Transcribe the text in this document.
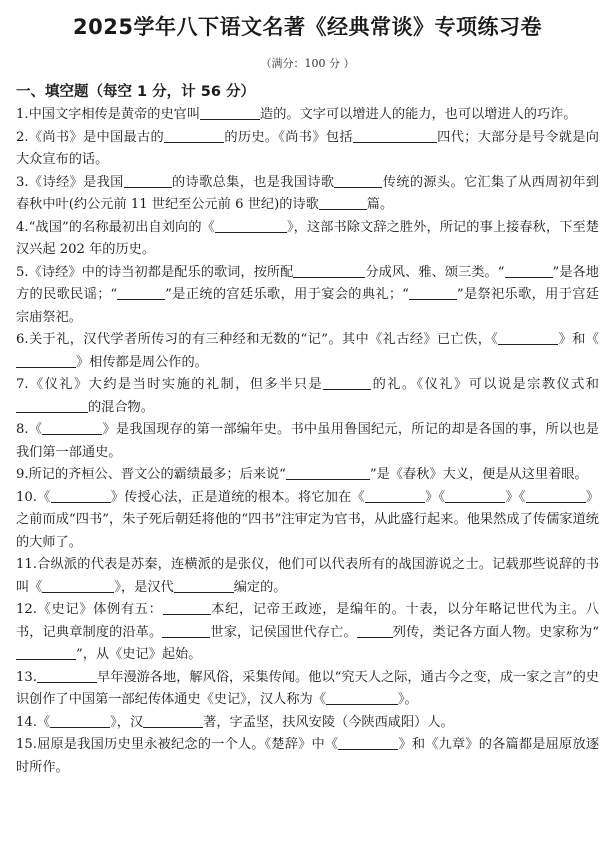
2025学年八下语文名著《经典常谈》专项练习卷
（满分：100 分 ）
一、填空题（每空 1 分，计 56 分）
1.中国文字相传是黄帝的史官叫	造的。文字可以增进人的能力，也可以增进人的巧诈。
2.《尚书》是中国最古的	的历史。《尚书》包括	四代；大部分是号令就是向大众宣布的话。
3.《诗经》是我国	的诗歌总集，也是我国诗歌	传统的源头。它汇集了从西周初年到春秋中叶(约公元前 11 世纪至公元前 6 世纪)的诗歌	篇。
4.“战国”的名称最初出自刘向的《	》，这部书除文辞之胜外，所记的事上接春秋，下至楚汉兴起 202 年的历史。
5.《诗经》中的诗当初都是配乐的歌词，按所配	分成风、雅、颂三类。“	”是各地方的民歌民谣；“	”是正统的宫廷乐歌，用于宴会的典礼；“	”是祭祀乐歌，用于宫廷宗庙祭祀。
6.关于礼，汉代学者所传习的有三种经和无数的“记”。其中《礼古经》已亡佚，《	》和《》相传都是周公作的。
7.《仪礼》大约是当时实施的礼制，但多半只是	的礼。《仪礼》可以说是宗教仪式和的混合物。
8.《	》是我国现存的第一部编年史。书中虽用鲁国纪元，所记的却是各国的事，所以也是我们第一部通史。
9.所记的齐桓公、晋文公的霸绩最多；后来说“	”是《春秋》大义，便是从这里着眼。
10.《	》传授心法，正是道统的根本。将它加在《	》《	》《	》之前而成“四书”，朱子死后朝廷将他的“四书”注审定为官书，从此盛行起来。他果然成了传儒家道统的大师了。
11.合纵派的代表是苏秦，连横派的是张仪，他们可以代表所有的战国游说之士。记载那些说辞的书叫《	》，是汉代	编定的。
12.《史记》体例有五：	本纪，记帝王政迹，是编年的。十表，以分年略记世代为主。八书，记典章制度的沿革。	世家，记侯国世代存亡。	列传，类记各方面人物。史家称为“”，从《史记》起始。
13.	早年漫游各地，解风俗，采集传闻。他以“究天人之际，通古今之变，成一家之言”的史识创作了中国第一部纪传体通史《史记》，汉人称为《	》。
14.《	》，汉	著，字孟坚，扶风安陵（今陕西咸阳）人。
15.屈原是我国历史里永被纪念的一个人。《楚辞》中《	》和《九章》的各篇都是屈原放逐时所作。
